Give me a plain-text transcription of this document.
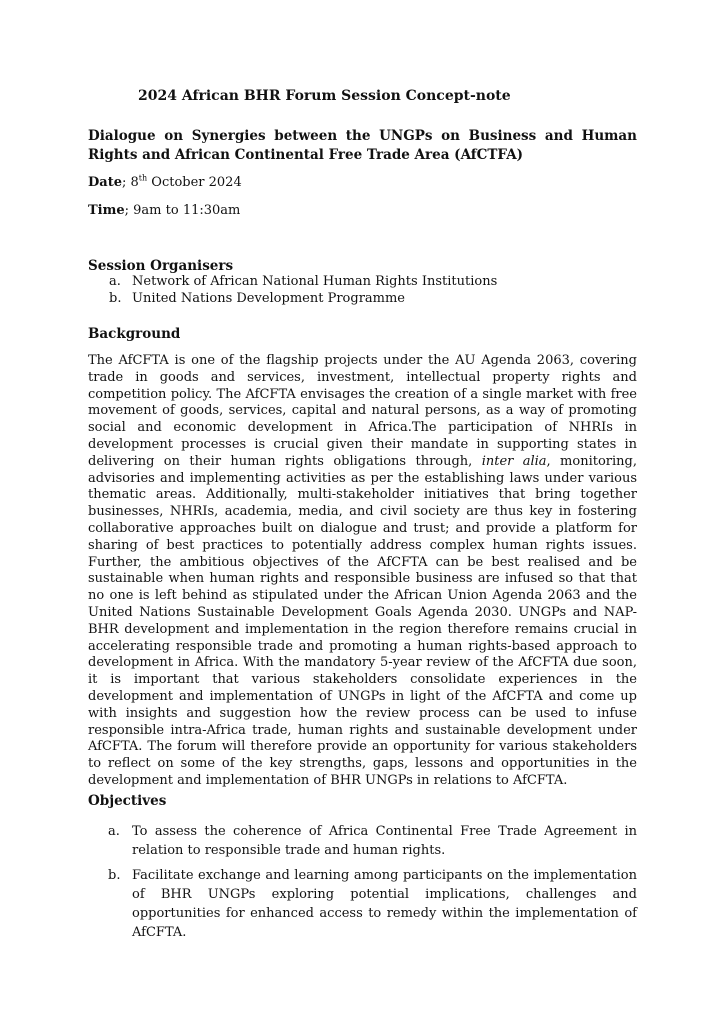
2024 African BHR Forum Session Concept-note
Dialogue on Synergies between the UNGPs on Business and Human Rights and African Continental Free Trade Area (AfCTFA)
Date; 8th October 2024
Time; 9am to 11:30am
Session Organisers
a. Network of African National Human Rights Institutions
b. United Nations Development Programme
Background
The AfCFTA is one of the flagship projects under the AU Agenda 2063, covering trade in goods and services, investment, intellectual property rights and competition policy. The AfCFTA envisages the creation of a single market with free movement of goods, services, capital and natural persons, as a way of promoting social and economic development in Africa.The participation of NHRIs in development processes is crucial given their mandate in supporting states in delivering on their human rights obligations through, inter alia, monitoring, advisories and implementing activities as per the establishing laws under various thematic areas. Additionally, multi-stakeholder initiatives that bring together businesses, NHRIs, academia, media, and civil society are thus key in fostering collaborative approaches built on dialogue and trust; and provide a platform for sharing of best practices to potentially address complex human rights issues. Further, the ambitious objectives of the AfCFTA can be best realised and be sustainable when human rights and responsible business are infused so that that no one is left behind as stipulated under the African Union Agenda 2063 and the United Nations Sustainable Development Goals Agenda 2030. UNGPs and NAP-BHR development and implementation in the region therefore remains crucial in accelerating responsible trade and promoting a human rights-based approach to development in Africa. With the mandatory 5-year review of the AfCFTA due soon, it is important that various stakeholders consolidate experiences in the development and implementation of UNGPs in light of the AfCFTA and come up with insights and suggestion how the review process can be used to infuse responsible intra-Africa trade, human rights and sustainable development under AfCFTA. The forum will therefore provide an opportunity for various stakeholders to reflect on some of the key strengths, gaps, lessons and opportunities in the development and implementation of BHR UNGPs in relations to AfCFTA.
Objectives
a. To assess the coherence of Africa Continental Free Trade Agreement in relation to responsible trade and human rights.
b. Facilitate exchange and learning among participants on the implementation of BHR UNGPs exploring potential implications, challenges and opportunities for enhanced access to remedy within the implementation of AfCFTA.
